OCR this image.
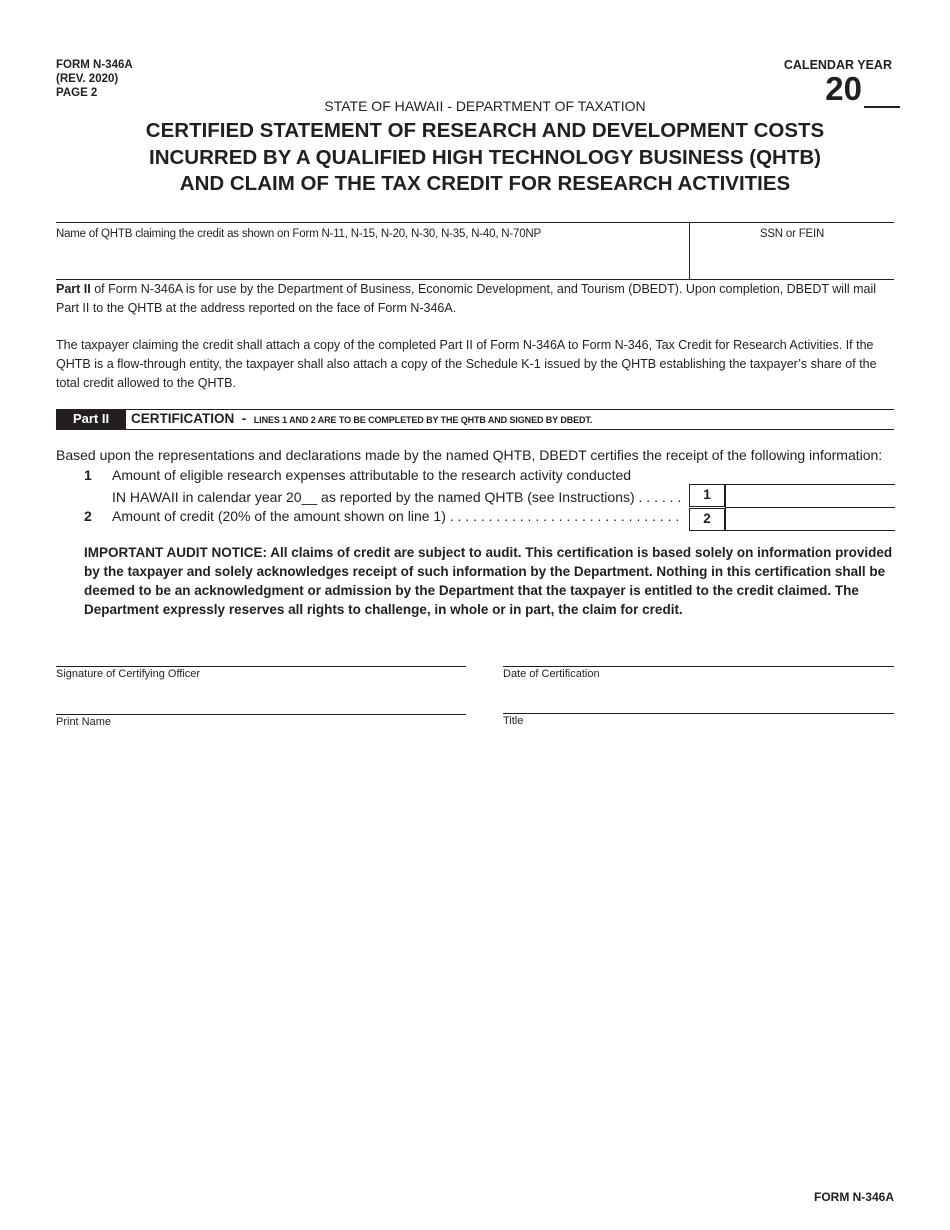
FORM N-346A
(REV. 2020)
PAGE 2
CALENDAR YEAR
20
STATE OF HAWAII - DEPARTMENT OF TAXATION
CERTIFIED STATEMENT OF RESEARCH AND DEVELOPMENT COSTS
INCURRED BY A QUALIFIED HIGH TECHNOLOGY BUSINESS (QHTB)
AND CLAIM OF THE TAX CREDIT FOR RESEARCH ACTIVITIES
Name of QHTB claiming the credit as shown on Form N-11, N-15, N-20, N-30, N-35, N-40, N-70NP	SSN or FEIN
Part II of Form N-346A is for use by the Department of Business, Economic Development, and Tourism (DBEDT). Upon completion, DBEDT will mail Part II to the QHTB at the address reported on the face of Form N-346A.
The taxpayer claiming the credit shall attach a copy of the completed Part II of Form N-346A to Form N-346, Tax Credit for Research Activities. If the QHTB is a flow-through entity, the taxpayer shall also attach a copy of the Schedule K-1 issued by the QHTB establishing the taxpayer’s share of the total credit allowed to the QHTB.
Part II	CERTIFICATION - LINES 1 AND 2 ARE TO BE COMPLETED BY THE QHTB AND SIGNED BY DBEDT.
Based upon the representations and declarations made by the named QHTB, DBEDT certifies the receipt of the following information:
1 Amount of eligible research expenses attributable to the research activity conducted
IN HAWAII in calendar year 20__ as reported by the named QHTB (see Instructions) . . . . . .	1
2 Amount of credit (20% of the amount shown on line 1) . . . . . . . . . . . . . . . . . . . . . . . . . . . . . .	2
IMPORTANT AUDIT NOTICE: All claims of credit are subject to audit. This certification is based solely on information provided by the taxpayer and solely acknowledges receipt of such information by the Department. Nothing in this certification shall be deemed to be an acknowledgment or admission by the Department that the taxpayer is entitled to the credit claimed. The Department expressly reserves all rights to challenge, in whole or in part, the claim for credit.
Signature of Certifying Officer	Date of Certification
Print Name	Title
FORM N-346A
